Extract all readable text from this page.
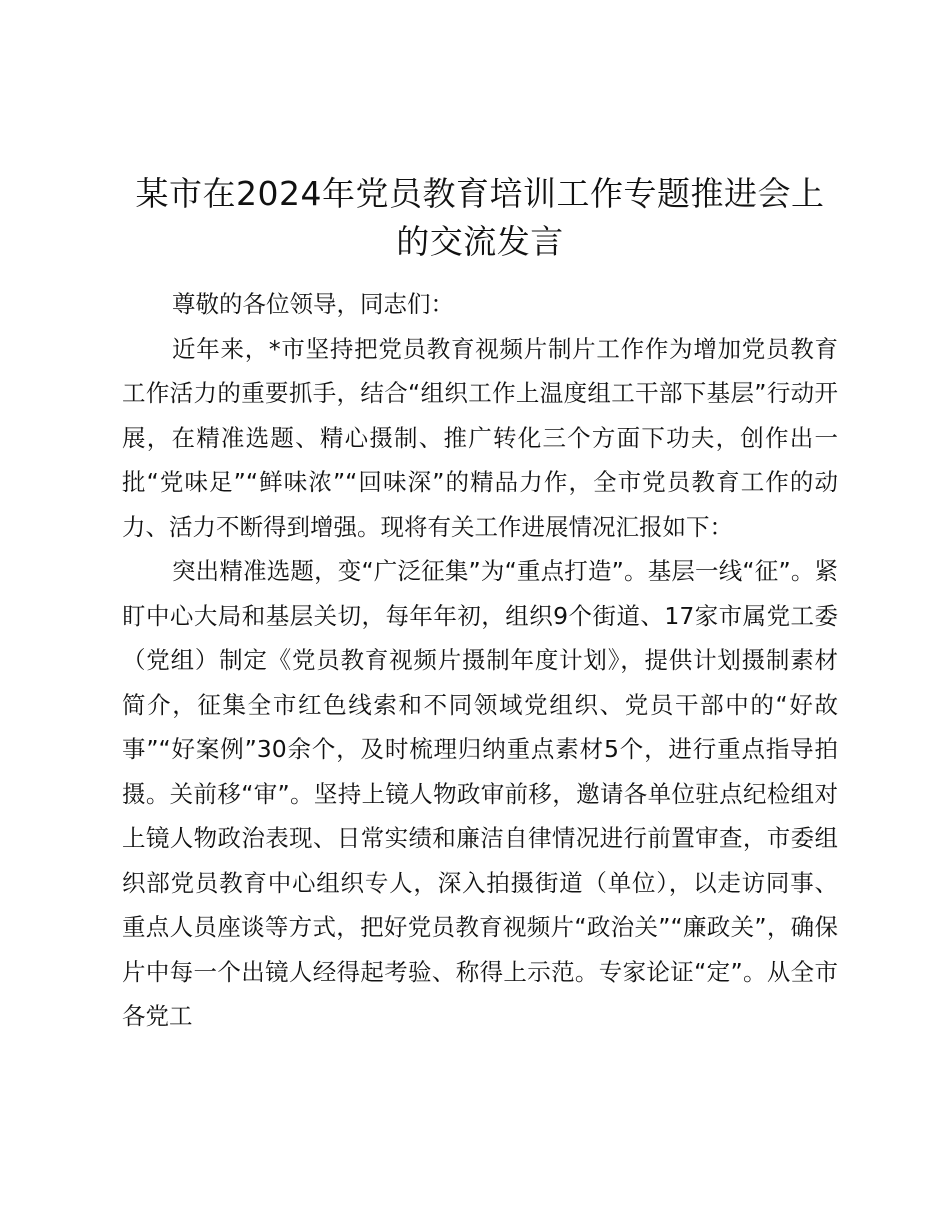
某市在2024年党员教育培训工作专题推进会上的交流发言

尊敬的各位领导，同志们：

近年来，*市坚持把党员教育视频片制片工作作为增加党员教育工作活力的重要抓手，结合“组织工作上温度组工干部下基层”行动开展，在精准选题、精心摄制、推广转化三个方面下功夫，创作出一批“党味足”“鲜味浓”“回味深”的精品力作，全市党员教育工作的动力、活力不断得到增强。现将有关工作进展情况汇报如下：

突出精准选题，变“广泛征集”为“重点打造”。基层一线“征”。紧盯中心大局和基层关切，每年年初，组织9个街道、17家市属党工委（党组）制定《党员教育视频片摄制年度计划》，提供计划摄制素材简介，征集全市红色线索和不同领域党组织、党员干部中的“好故事”“好案例”30余个，及时梳理归纳重点素材5个，进行重点指导拍摄。关前移“审”。坚持上镜人物政审前移，邀请各单位驻点纪检组对上镜人物政治表现、日常实绩和廉洁自律情况进行前置审查，市委组织部党员教育中心组织专人，深入拍摄街道（单位），以走访同事、重点人员座谈等方式，把好党员教育视频片“政治关”“廉政关”，确保片中每一个出镜人经得起考验、称得上示范。专家论证“定”。从全市各党工
